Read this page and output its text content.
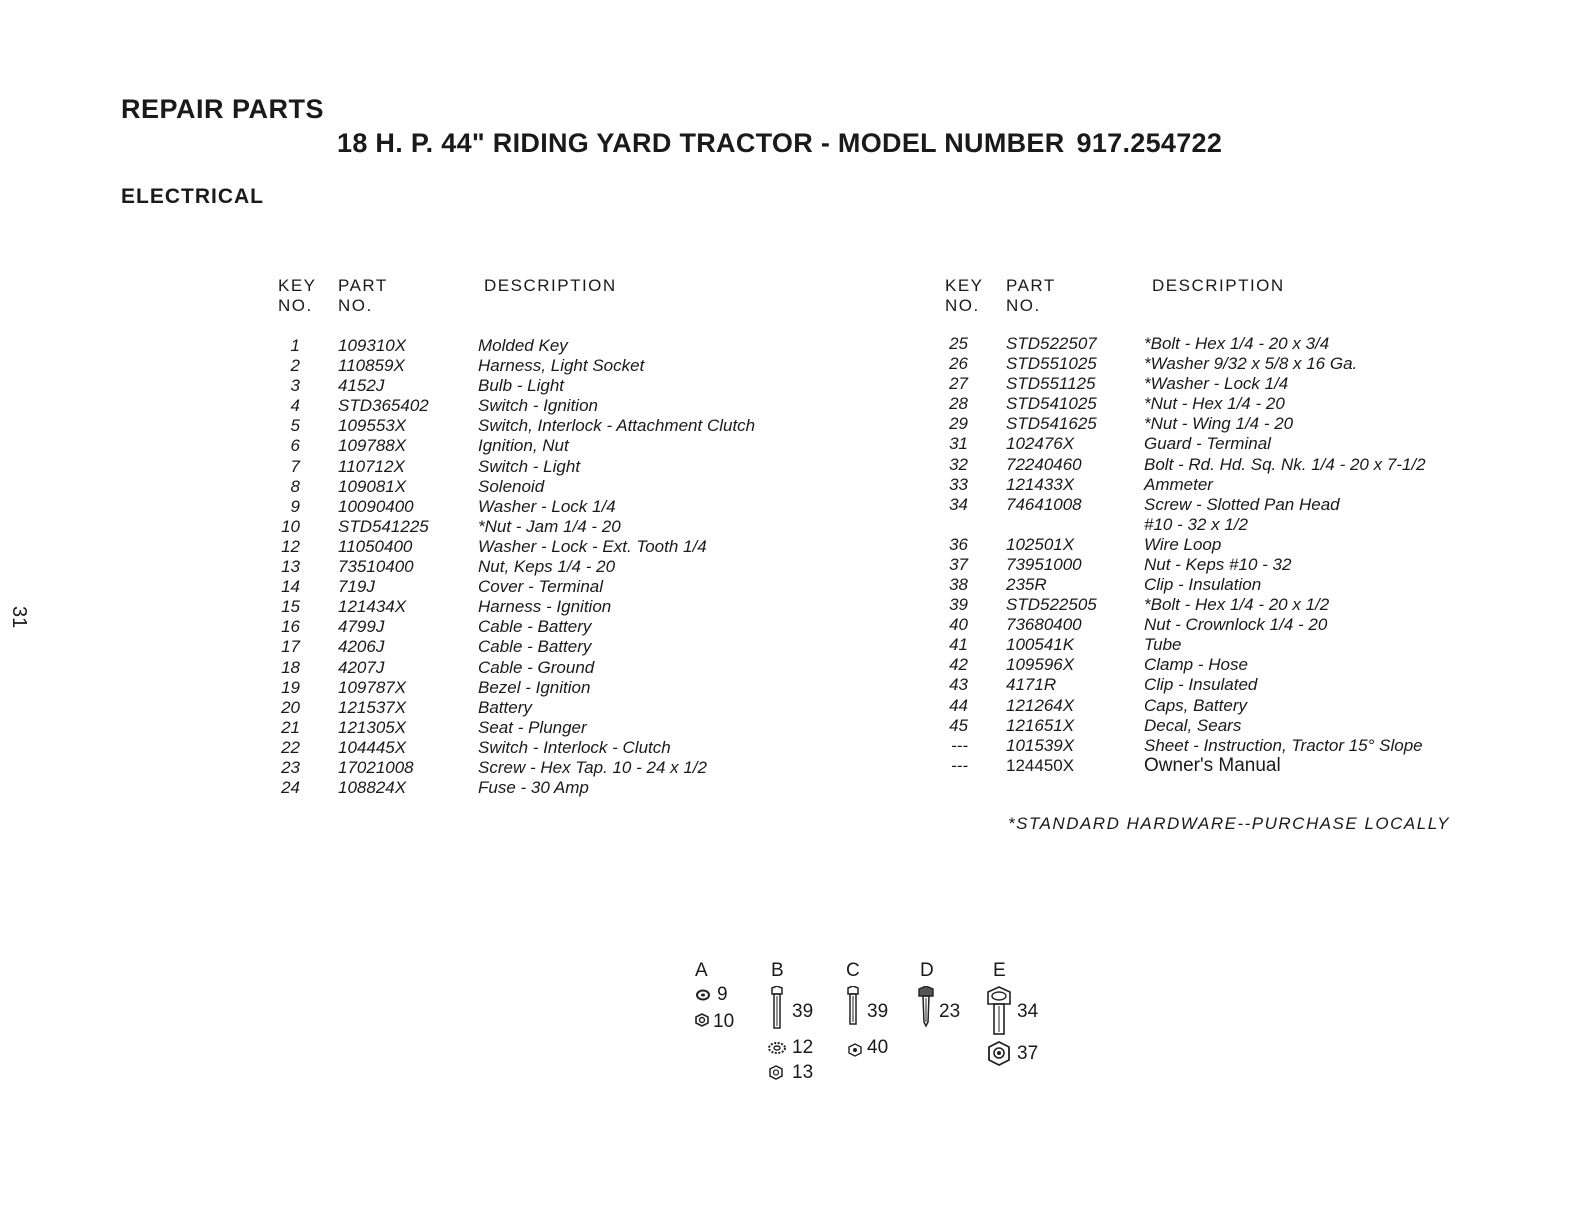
REPAIR PARTS
18 H. P. 44" RIDING YARD TRACTOR - MODEL NUMBER 917.254722
ELECTRICAL
31
KEY
NO.
PART
NO.
DESCRIPTION	KEY
NO.
PART
NO.
DESCRIPTION
1 109310X	Molded Key
2 110859X	Harness, Light Socket
3 4152J	Bulb - Light
4 STD365402	Switch - Ignition
5 109553X	Switch, Interlock - Attachment Clutch
6 109788X	Ignition, Nut
7 110712X	Switch - Light
8 109081X	Solenoid
9 10090400	Washer - Lock 1/4
10 STD541225	*Nut - Jam 1/4 - 20
12 11050400	Washer - Lock - Ext. Tooth 1/4
13 73510400	Nut, Keps 1/4 - 20
14 719J	Cover - Terminal
15 121434X	Harness - Ignition
16 4799J	Cable - Battery
17 4206J	Cable - Battery
18 4207J	Cable - Ground
19 109787X	Bezel - Ignition
20 121537X	Battery
21 121305X	Seat - Plunger
22 104445X	Switch - Interlock - Clutch
23 17021008	Screw - Hex Tap. 10 - 24 x 1/2
24 108824X	Fuse - 30 Amp
25 STD522507	*Bolt - Hex 1/4 - 20 x 3/4
26 STD551025	*Washer 9/32 x 5/8 x 16 Ga.
27 STD551125	*Washer - Lock 1/4
28 STD541025	*Nut - Hex 1/4 - 20
29 STD541625	*Nut - Wing 1/4 - 20
31 102476X	Guard - Terminal
32 72240460	Bolt - Rd. Hd. Sq. Nk. 1/4 - 20 x 7-1/2
33 121433X	Ammeter
34 74641008	Screw - Slotted Pan Head
#10 - 32 x 1/2
36 102501X	Wire Loop
37 73951000	Nut - Keps #10 - 32
38 235R	Clip - Insulation
39 STD522505	*Bolt - Hex 1/4 - 20 x 1/2
40 73680400	Nut - Crownlock 1/4 - 20
41 100541K	Tube
42 109596X	Clamp - Hose
43 4171R	Clip - Insulated
44 121264X	Caps, Battery
45 121651X	Decal, Sears
--- 101539X	Sheet - Instruction, Tractor 15° Slope
--- 124450X	Owner's Manual
*STANDARD HARDWARE--PURCHASE LOCALLY
A	B	C	D	E
9
10	39
12
13
39
40
23	34
37
